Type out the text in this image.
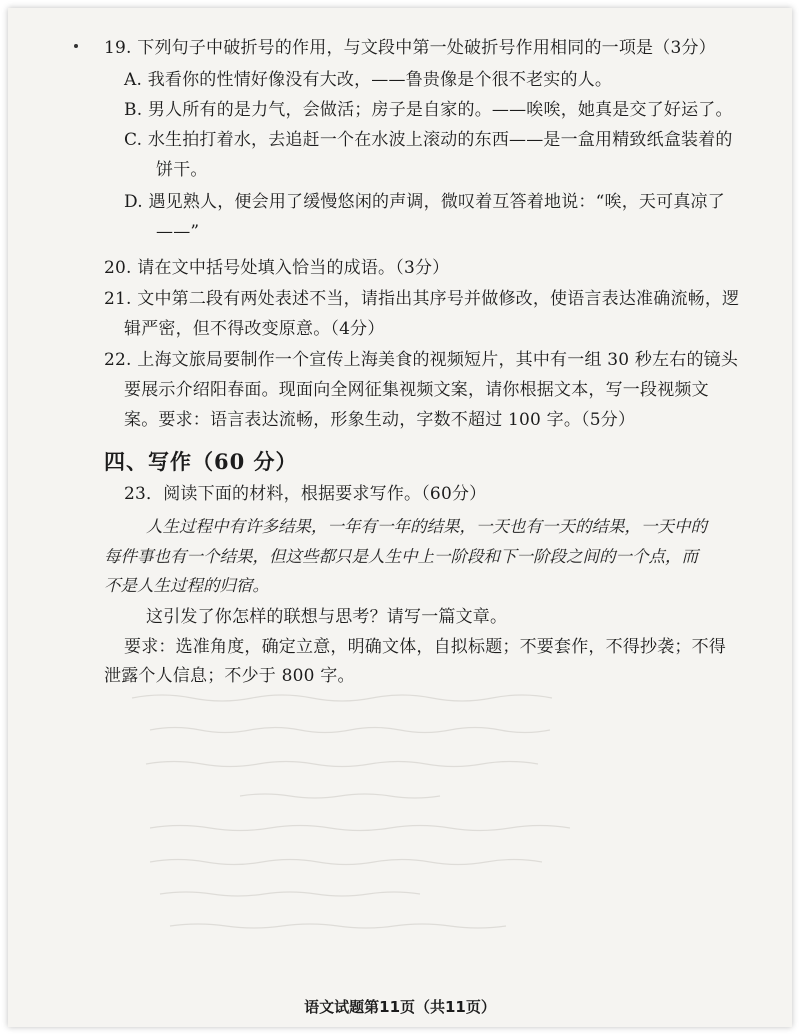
19. 下列句子中破折号的作用，与文段中第一处破折号作用相同的一项是（3分）
A. 我看你的性情好像没有大改，——鲁贵像是个很不老实的人。
B. 男人所有的是力气，会做活；房子是自家的。——唉唉，她真是交了好运了。
C. 水生拍打着水，去追赶一个在水波上滚动的东西——是一盒用精致纸盒装着的
饼干。
D. 遇见熟人，便会用了缓慢悠闲的声调，微叹着互答着地说：“唉，天可真凉了
——”
20. 请在文中括号处填入恰当的成语。（3分）
21. 文中第二段有两处表述不当，请指出其序号并做修改，使语言表达准确流畅，逻
辑严密，但不得改变原意。（4分）
22. 上海文旅局要制作一个宣传上海美食的视频短片，其中有一组 30 秒左右的镜头
要展示介绍阳春面。现面向全网征集视频文案，请你根据文本，写一段视频文
案。要求：语言表达流畅，形象生动，字数不超过 100 字。（5分）
四、写作（60 分）
23．阅读下面的材料，根据要求写作。（60分）
人生过程中有许多结果，一年有一年的结果，一天也有一天的结果，一天中的
每件事也有一个结果，但这些都只是人生中上一阶段和下一阶段之间的一个点，而
不是人生过程的归宿。
这引发了你怎样的联想与思考？请写一篇文章。
要求：选准角度，确定立意，明确文体，自拟标题；不要套作，不得抄袭；不得
泄露个人信息；不少于 800 字。
语文试题第11页（共11页）
